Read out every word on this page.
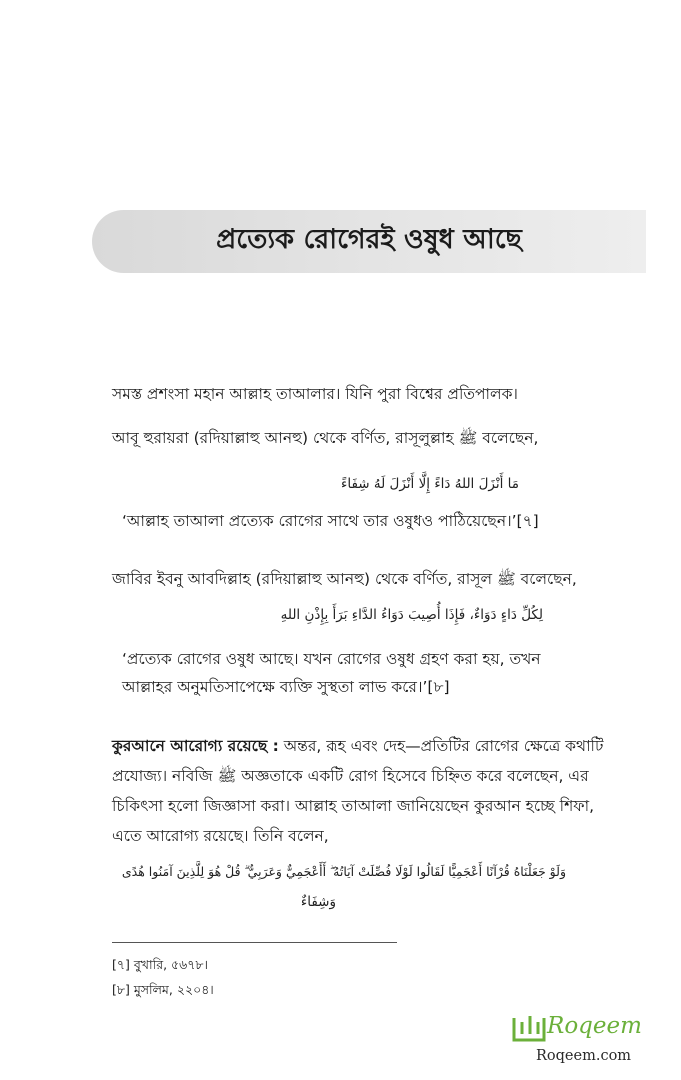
প্রত্যেক রোগেরই ওষুধ আছে
সমস্ত প্রশংসা মহান আল্লাহ তাআলার। যিনি পুরা বিশ্বের প্রতিপালক।
আবূ হুরায়রা (রদিয়াল্লাহু আনহু) থেকে বর্ণিত, রাসূলুল্লাহ ﷺ বলেছেন,
مَا أَنْزَلَ اللهُ دَاءً إِلَّا أَنْزَلَ لَهُ شِفَاءً
‘আল্লাহ তাআলা প্রত্যেক রোগের সাথে তার ওষুধও পাঠিয়েছেন।’[৭]
জাবির ইবনু আবদিল্লাহ (রদিয়াল্লাহু আনহু) থেকে বর্ণিত, রাসূল ﷺ বলেছেন,
لِكُلِّ دَاءٍ دَوَاءٌ، فَإِذَا أُصِيبَ دَوَاءُ الدَّاءِ بَرَأَ بِإِذْنِ اللهِ
‘প্রত্যেক রোগের ওষুধ আছে। যখন রোগের ওষুধ গ্রহণ করা হয়, তখন
আল্লাহর অনুমতিসাপেক্ষে ব্যক্তি সুস্থতা লাভ করে।’[৮]
কুরআনে আরোগ্য রয়েছে : অন্তর, রূহ এবং দেহ—প্রতিটির রোগের ক্ষেত্রে কথাটি
প্রযোজ্য। নবিজি ﷺ অজ্ঞতাকে একটি রোগ হিসেবে চিহ্নিত করে বলেছেন, এর
চিকিৎসা হলো জিজ্ঞাসা করা। আল্লাহ তাআলা জানিয়েছেন কুরআন হচ্ছে শিফা,
এতে আরোগ্য রয়েছে। তিনি বলেন,
وَلَوْ جَعَلْنَاهُ قُرْآنًا أَعْجَمِيًّا لَقَالُوا لَوْلَا فُصِّلَتْ آيَاتُهُ ۖ أَأَعْجَمِيٌّ وَعَرَبِيٌّ ۗ قُلْ هُوَ لِلَّذِينَ آمَنُوا هُدًى
وَشِفَاءٌ
[৭] বুখারি, ৫৬৭৮।
[৮] মুসলিম, ২২০৪।
Roqeem
Roqeem.com
